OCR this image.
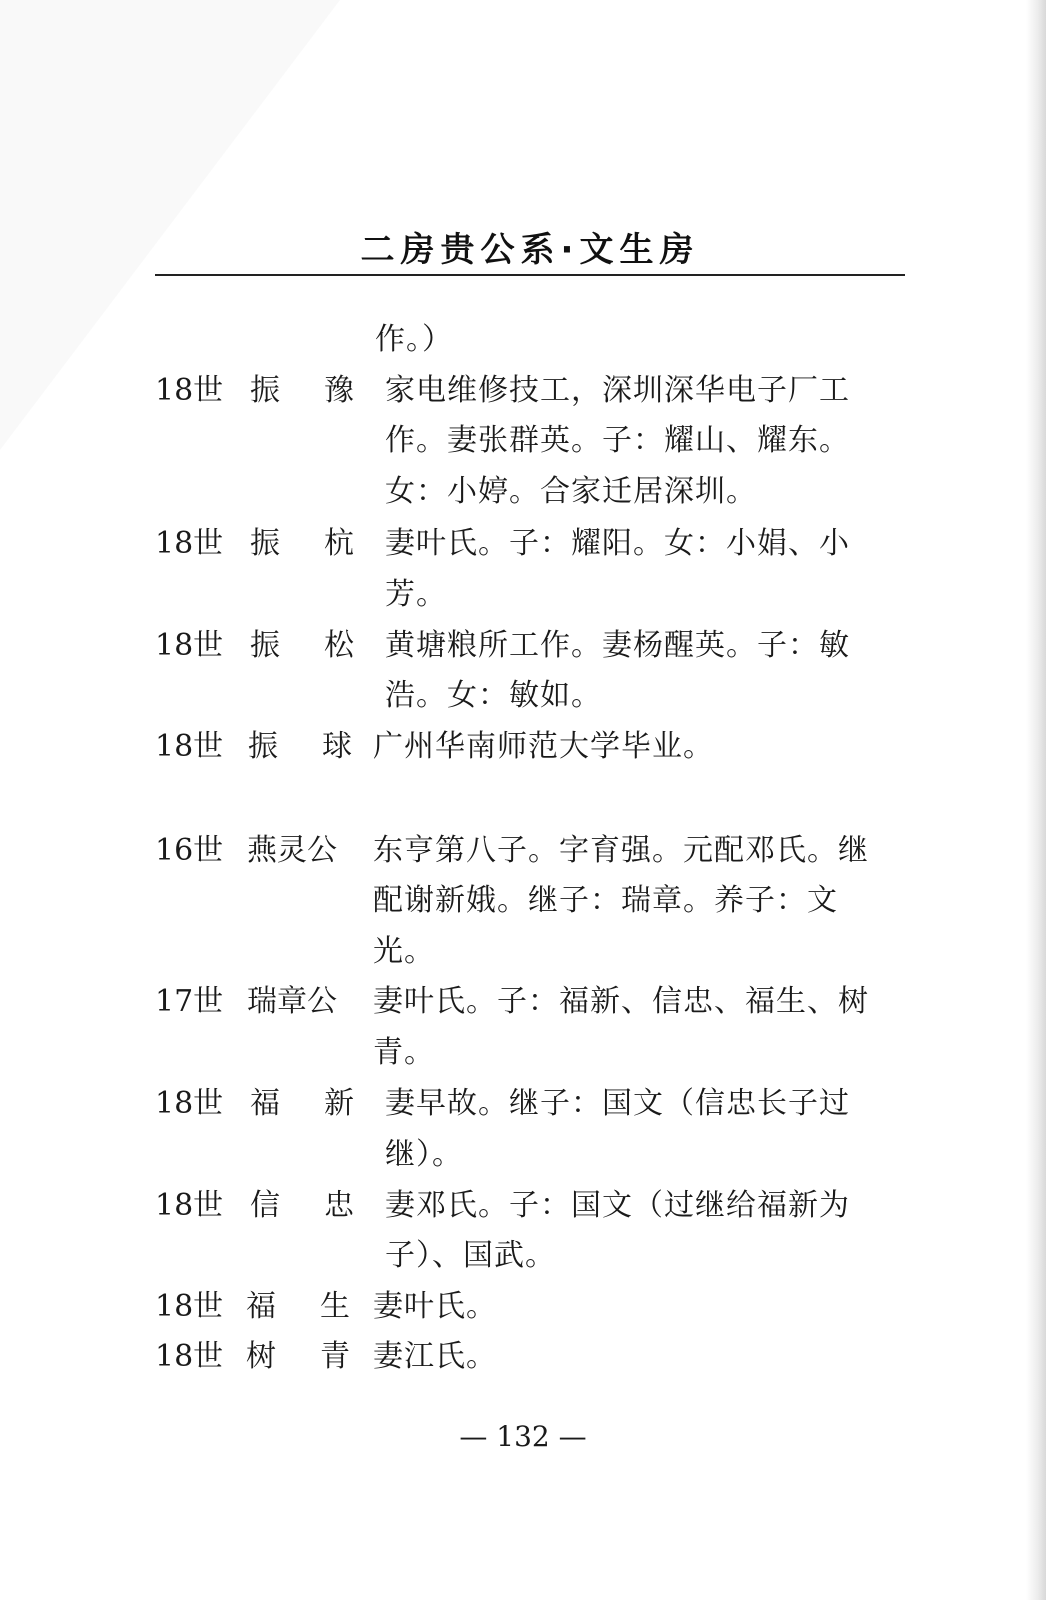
二房贵公系·文生房
作。）
18世 振　豫 家电维修技工，深圳深华电子厂工
作。妻张群英。子：耀山、耀东。
女：小婷。合家迁居深圳。
18世 振　杭 妻叶氏。子：耀阳。女：小娟、小
芳。
18世 振　松 黄塘粮所工作。妻杨醒英。子：敏
浩。女：敏如。
18世 振　球 广州华南师范大学毕业。
16世 燕灵公 东亨第八子。字育强。元配邓氏。继
配谢新娥。继子：瑞章。养子：文
光。
17世 瑞章公 妻叶氏。子：福新、信忠、福生、树
青。
18世 福　新 妻早故。继子：国文（信忠长子过
继）。
18世 信　忠 妻邓氏。子：国文（过继给福新为
子）、国武。
18世 福　生 妻叶氏。
18世 树　青 妻江氏。
— 132 —
